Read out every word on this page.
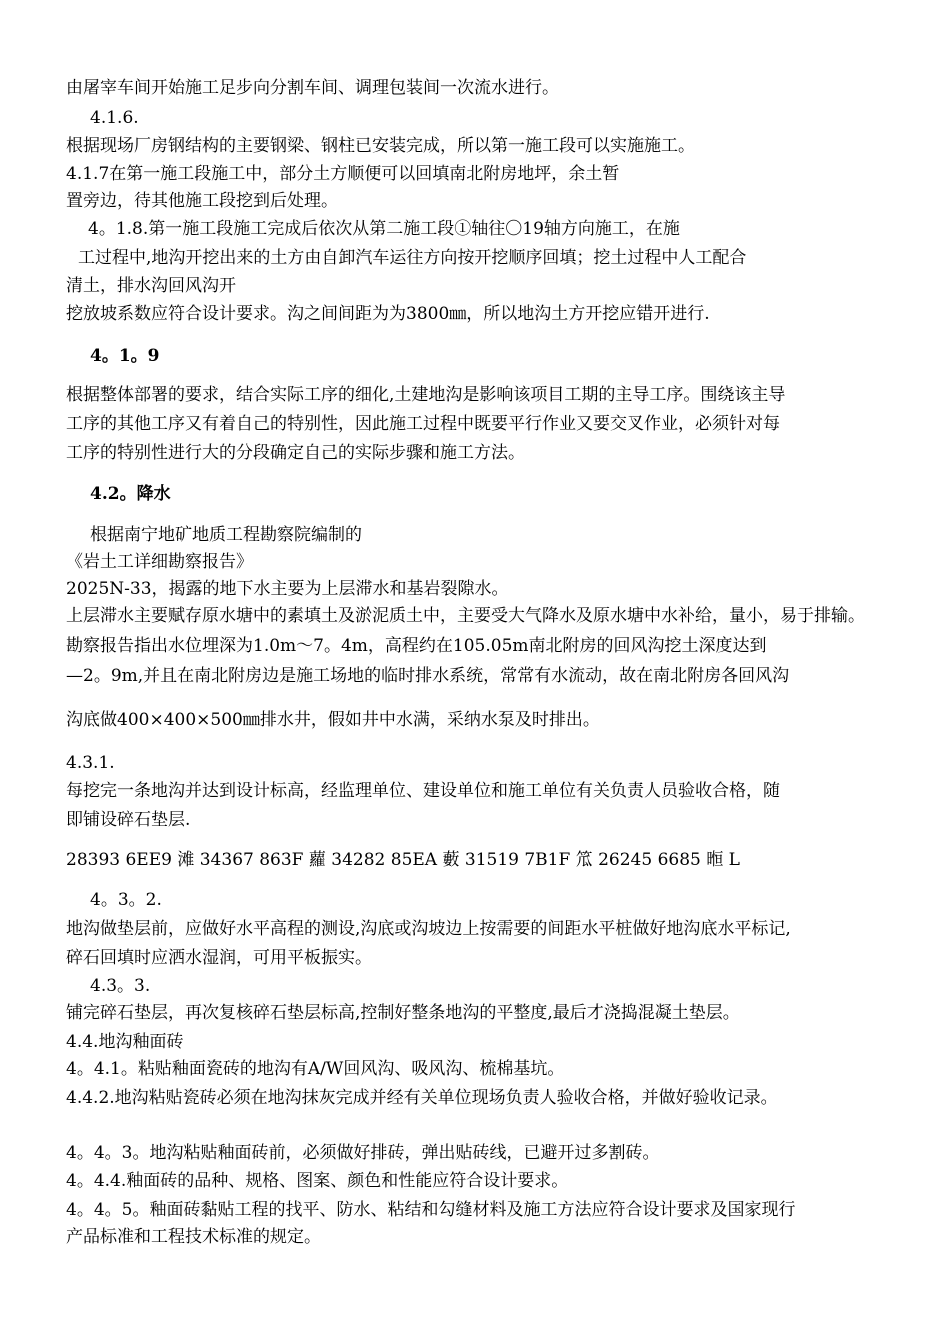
由屠宰车间开始施工足步向分割车间、调理包装间一次流水进行。
4.1.6.
根据现场厂房钢结构的主要钢梁、钢柱已安装完成，所以第一施工段可以实施施工。
4.1.7在第一施工段施工中，部分土方顺便可以回填南北附房地坪，余土暂
置旁边，待其他施工段挖到后处理。
4。1.8.第一施工段施工完成后依次从第二施工段①轴往〇19轴方向施工，在施
工过程中,地沟开挖出来的土方由自卸汽车运往方向按开挖顺序回填；挖土过程中人工配合
清土，排水沟回风沟开
挖放坡系数应符合设计要求。沟之间间距为为3800㎜，所以地沟土方开挖应错开进行.
4。1。9
根据整体部署的要求，结合实际工序的细化,土建地沟是影响该项目工期的主导工序。围绕该主导
工序的其他工序又有着自己的特别性，因此施工过程中既要平行作业又要交叉作业，必须针对每
工序的特别性进行大的分段确定自己的实际步骤和施工方法。
4.2。降水
根据南宁地矿地质工程勘察院编制的
《岩土工详细勘察报告》
2025N-33，揭露的地下水主要为上层滞水和基岩裂隙水。
上层滞水主要赋存原水塘中的素填土及淤泥质土中，主要受大气降水及原水塘中水补给，量小，易于排输。
勘察报告指出水位埋深为1.0m～7。4m，高程约在105.05m南北附房的回风沟挖土深度达到
—2。9m,并且在南北附房边是施工场地的临时排水系统，常常有水流动，故在南北附房各回风沟
沟底做400×400×500㎜排水井，假如井中水满，采纳水泵及时排出。
4.3.1.
每挖完一条地沟并达到设计标高，经监理单位、建设单位和施工单位有关负责人员验收合格，随
即铺设碎石垫层.
28393 6EE9 滩 34367 863F 蘿 34282 85EA 藪 31519 7B1F 笟 26245 6685 暅 L
4。3。2.
地沟做垫层前，应做好水平高程的测设,沟底或沟坡边上按需要的间距水平桩做好地沟底水平标记,
碎石回填时应洒水湿润，可用平板振实。
4.3。3.
铺完碎石垫层，再次复核碎石垫层标高,控制好整条地沟的平整度,最后才浇捣混凝土垫层。
4.4.地沟釉面砖
4。4.1。粘贴釉面瓷砖的地沟有A/W回风沟、吸风沟、梳棉基坑。
4.4.2.地沟粘贴瓷砖必须在地沟抹灰完成并经有关单位现场负责人验收合格，并做好验收记录。
4。4。3。地沟粘贴釉面砖前，必须做好排砖，弹出贴砖线，已避开过多割砖。
4。4.4.釉面砖的品种、规格、图案、颜色和性能应符合设计要求。
4。4。5。釉面砖黏贴工程的找平、防水、粘结和勾缝材料及施工方法应符合设计要求及国家现行
产品标准和工程技术标准的规定。
